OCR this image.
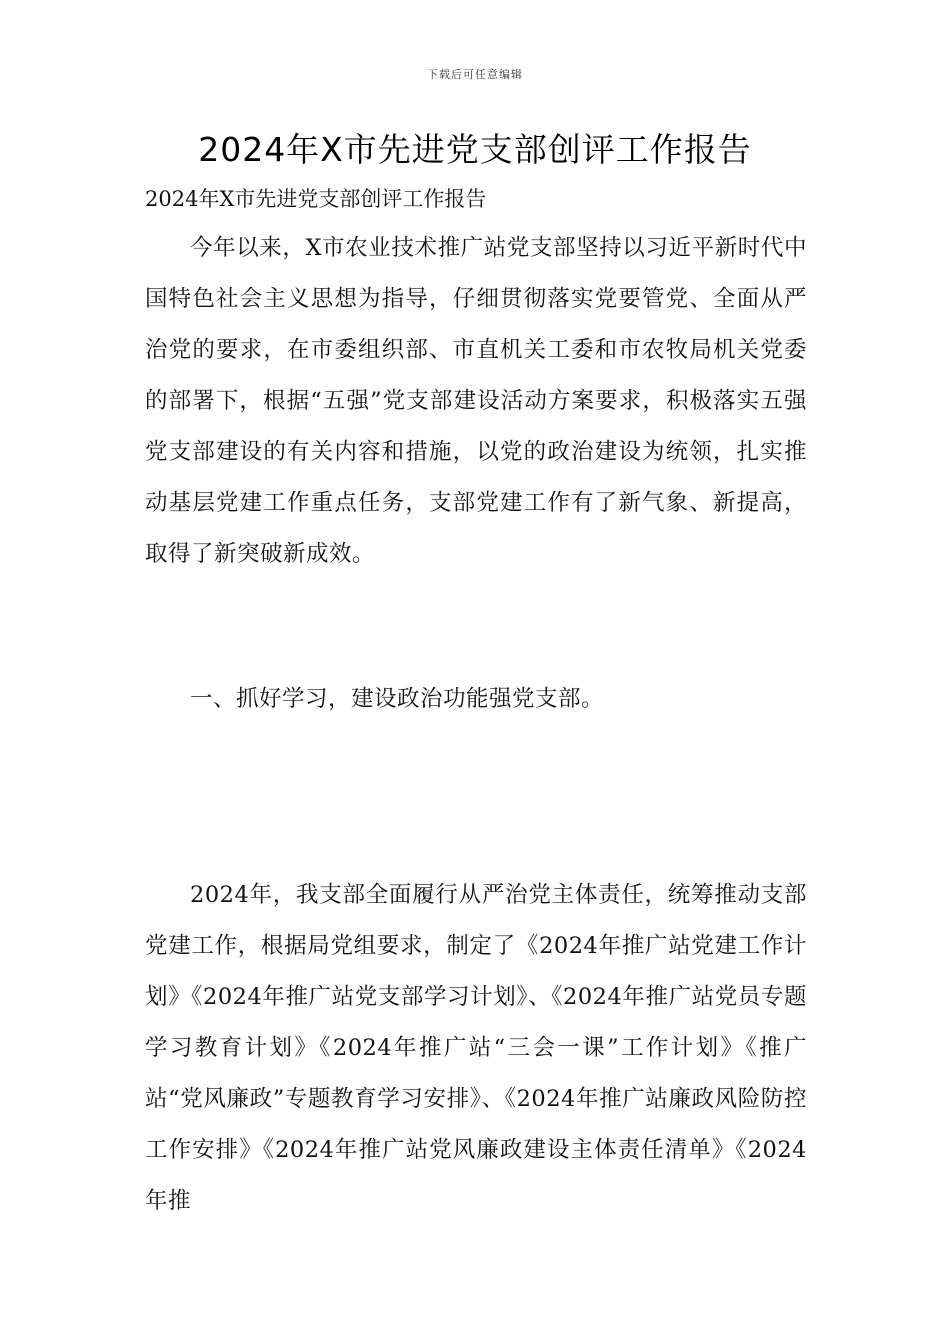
下载后可任意编辑
2024年X市先进党支部创评工作报告

2024年X市先进党支部创评工作报告

今年以来，X市农业技术推广站党支部坚持以习近平新时代中国特色社会主义思想为指导，仔细贯彻落实党要管党、全面从严治党的要求，在市委组织部、市直机关工委和市农牧局机关党委的部署下，根据“五强”党支部建设活动方案要求，积极落实五强党支部建设的有关内容和措施，以党的政治建设为统领，扎实推动基层党建工作重点任务，支部党建工作有了新气象、新提高，取得了新突破新成效。

一、抓好学习，建设政治功能强党支部。

2024年，我支部全面履行从严治党主体责任，统筹推动支部党建工作，根据局党组要求，制定了《2024年推广站党建工作计划》《2024年推广站党支部学习计划》、《2024年推广站党员专题学习教育计划》《2024年推广站“三会一课”工作计划》《推广站“党风廉政”专题教育学习安排》、《2024年推广站廉政风险防控工作安排》《2024年推广站党风廉政建设主体责任清单》《2024年推
